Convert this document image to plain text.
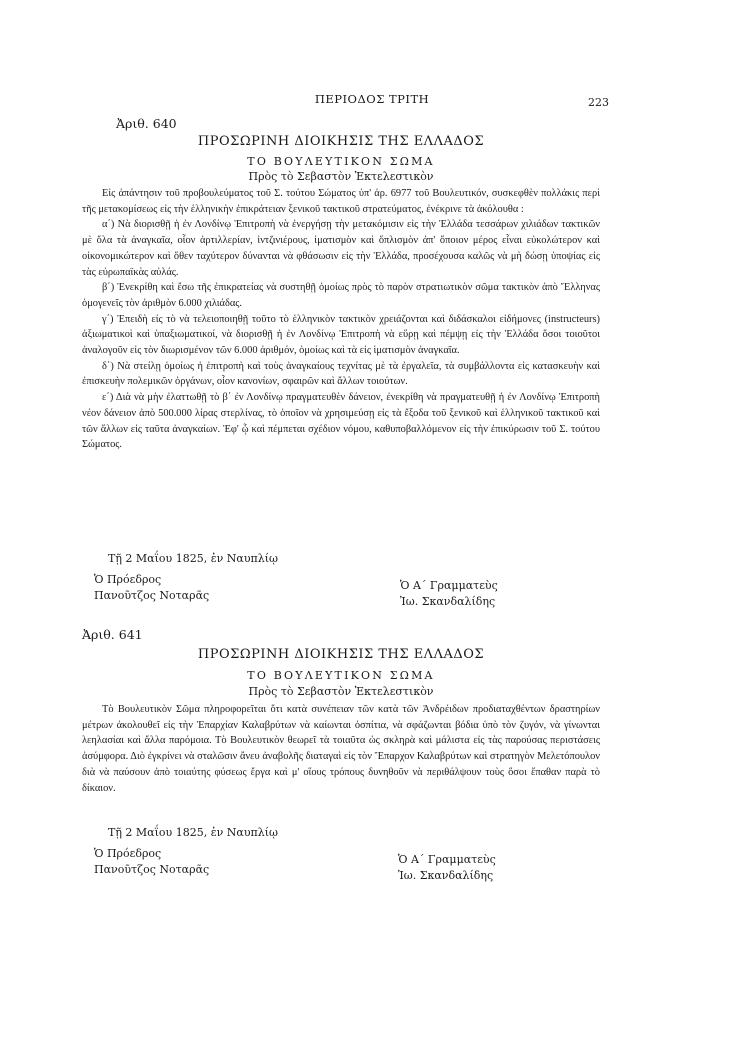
ΠΕΡΙΟΔΟΣ ΤΡΙΤΗ	223
Ἀριθ. 640
ΠΡΟΣΩΡΙΝΗ ΔΙΟΙΚΗΣΙΣ ΤΗΣ ΕΛΛΑΔΟΣ
ΤΟ ΒΟΥΛΕΥΤΙΚΟΝ ΣΩΜΑ
Πρὸς τὸ Σεβαστὸν Ἐκτελεστικὸν

Εἰς ἀπάντησιν τοῦ προβουλεύματος τοῦ Σ. τούτου Σώματος ὑπ' ἀρ. 6977 τοῦ Βουλευτικόν, συσκεφθὲν πολλάκις περὶ τῆς μετακομίσεως εἰς τὴν ἑλληνικὴν ἐπικράτειαν ξενικοῦ τακτικοῦ στρατεύματος, ἐνέκρινε τὰ ἀκόλουθα :

α΄) Νὰ διορισθῇ ἡ ἐν Λονδίνῳ Ἐπιτροπὴ νὰ ἐνεργήσῃ τὴν μετακόμισιν εἰς τὴν Ἑλλάδα τεσσάρων χιλιάδων τακτικῶν μὲ ὅλα τὰ ἀναγκαῖα, οἷον ἀρτιλλερίαν, ἰντζινιέρους, ἱματισμὸν καὶ ὅπλισμὸν ἀπ' ὅποιον μέρος εἶναι εὐκολώτερον καὶ οἰκονομικώτερον καὶ ὅθεν ταχύτερον δύνανται νὰ φθάσωσιν εἰς τὴν Ἑλλάδα, προσέχουσα καλῶς νὰ μὴ δώσῃ ὑποψίας εἰς τὰς εὐρωπαϊκὰς αὐλάς.

β΄) Ἐνεκρίθη καὶ ἔσω τῆς ἐπικρατείας νὰ συστηθῇ ὁμοίως πρὸς τὸ παρὸν στρατιωτικὸν σῶμα τακτικὸν ἀπὸ Ἕλληνας ὁμογενεῖς τὸν ἀριθμὸν 6.000 χιλιάδας.

γ΄) Ἐπειδὴ εἰς τὸ νὰ τελειοποιηθῇ τοῦτο τὸ ἑλληνικὸν τακτικὸν χρειάζονται καὶ διδάσκαλοι εἰδήμονες (instructeurs) ἀξιωματικοὶ καὶ ὑπαξιωματικοί, νὰ διορισθῇ ἡ ἐν Λονδίνῳ Ἐπιτροπὴ νὰ εὕρῃ καὶ πέμψῃ εἰς τὴν Ἑλλάδα ὅσοι τοιοῦτοι ἀναλογοῦν εἰς τὸν διωρισμένον τῶν 6.000 ἀριθμόν, ὁμοίως καὶ τὰ εἰς ἱματισμὸν ἀναγκαῖα.

δ΄) Νὰ στείλῃ ὁμοίως ἡ ἐπιτροπὴ καὶ τοὺς ἀναγκαίους τεχνίτας μὲ τὰ ἐργαλεῖα, τὰ συμβάλλοντα εἰς κατασκευὴν καὶ ἐπισκευὴν πολεμικῶν ὀργάνων, οἷον κανονίων, σφαιρῶν καὶ ἄλλων τοιούτων.

ε΄) Διὰ νὰ μὴν ἐλαττωθῇ τὸ β΄ ἐν Λονδίνῳ πραγματευθὲν δάνειον, ἐνεκρίθη νὰ πραγματευθῇ ἡ ἐν Λονδίνῳ Ἐπιτροπὴ νέον δάνειον ἀπὸ 500.000 λίρας στερλίνας, τὸ ὁποῖον νὰ χρησιμεύσῃ εἰς τὰ ἔξοδα τοῦ ξενικοῦ καὶ ἑλληνικοῦ τακτικοῦ καὶ τῶν ἄλλων εἰς ταῦτα ἀναγκαίων. Ἐφ' ᾧ καὶ πέμπεται σχέδιον νόμου, καθυποβαλλόμενον εἰς τὴν ἐπικύρωσιν τοῦ Σ. τούτου Σώματος.

Τῇ 2 Μαΐου 1825, ἐν Ναυπλίῳ
Ὁ Πρόεδρος
Πανοῦτζος Νοταρᾶς
Ὁ Α΄ Γραμματεὺς
Ἰω. Σκανδαλίδης
Ἀριθ. 641
ΠΡΟΣΩΡΙΝΗ ΔΙΟΙΚΗΣΙΣ ΤΗΣ ΕΛΛΑΔΟΣ
ΤΟ ΒΟΥΛΕΥΤΙΚΟΝ ΣΩΜΑ
Πρὸς τὸ Σεβαστὸν Ἐκτελεστικὸν

Τὸ Βουλευτικὸν Σῶμα πληροφορεῖται ὅτι κατὰ συνέπειαν τῶν κατὰ τῶν Ἀνδρέιδων προδιαταχθέντων δραστηρίων μέτρων ἀκολουθεῖ εἰς τὴν Ἐπαρχίαν Καλαβρύτων νὰ καίωνται ὀσπίτια, νὰ σφάζωνται βόδια ὑπὸ τὸν ζυγόν, νὰ γίνωνται λεηλασίαι καὶ ἄλλα παρόμοια. Τὸ Βουλευτικὸν θεωρεῖ τὰ τοιαῦτα ὡς σκληρὰ καὶ μάλιστα εἰς τὰς παρούσας περιστάσεις ἀσύμφορα. Διὸ ἐγκρίνει νὰ σταλῶσιν ἄνευ ἀναβολῆς διαταγαὶ εἰς τὸν Ἔπαρχον Καλαβρύτων καὶ στρατηγὸν Μελετόπουλον διὰ νὰ παύσουν ἀπὸ τοιαύτης φύσεως ἔργα καὶ μ' οἵους τρόπους δυνηθοῦν νὰ περιθάλψουν τοὺς ὅσοι ἔπαθαν παρὰ τὸ δίκαιον.

Τῇ 2 Μαΐου 1825, ἐν Ναυπλίῳ
Ὁ Πρόεδρος
Πανοῦτζος Νοταρᾶς
Ὁ Α΄ Γραμματεὺς
Ἰω. Σκανδαλίδης
